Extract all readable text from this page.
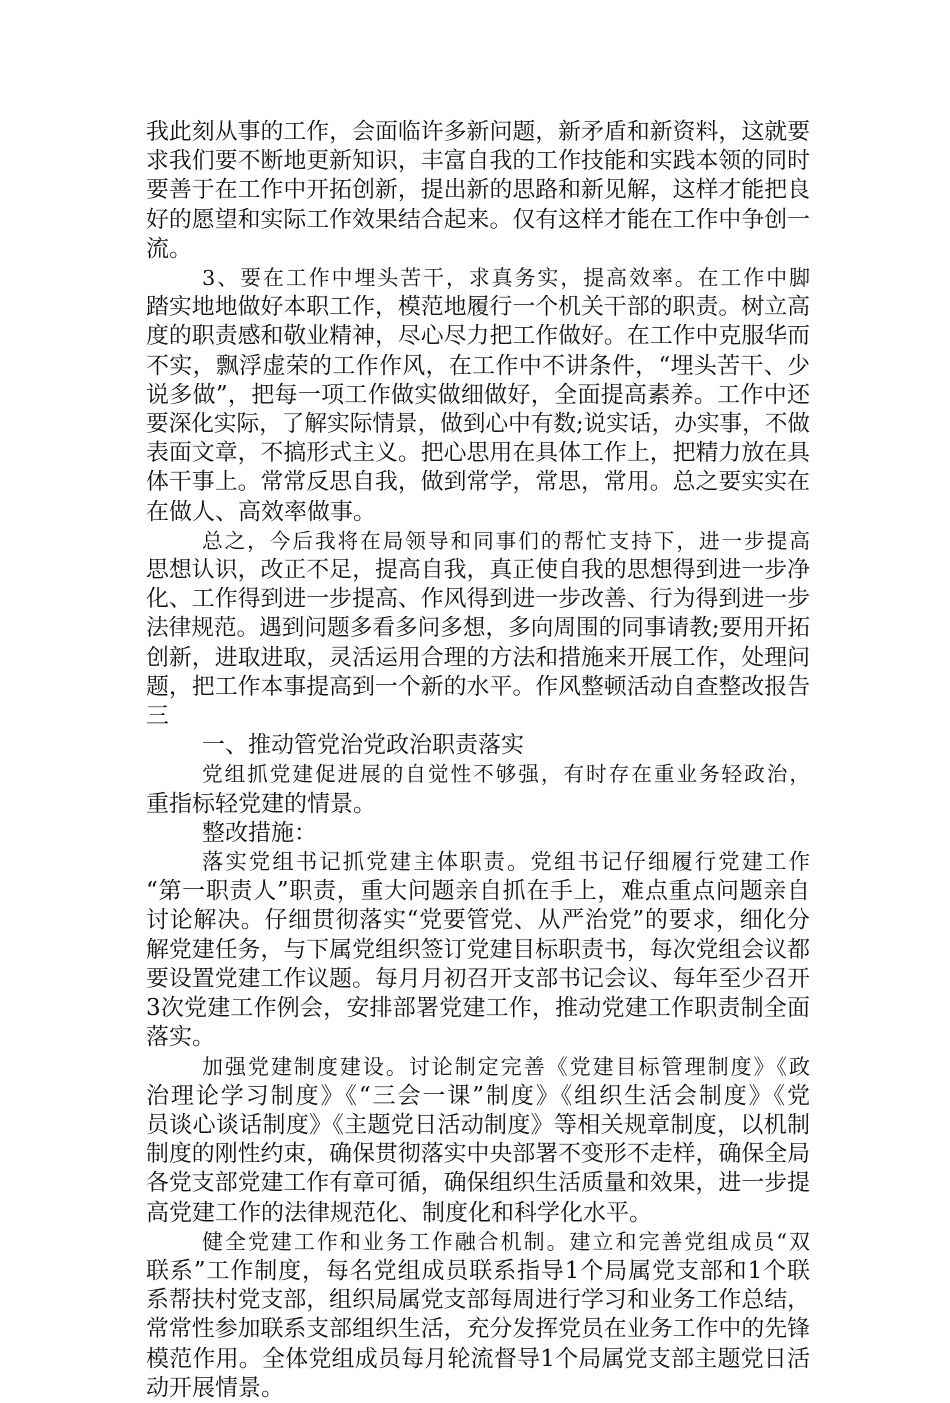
我此刻从事的工作，会面临许多新问题，新矛盾和新资料，这就要
求我们要不断地更新知识，丰富自我的工作技能和实践本领的同时
要善于在工作中开拓创新，提出新的思路和新见解，这样才能把良
好的愿望和实际工作效果结合起来。仅有这样才能在工作中争创一
流。
3、要在工作中埋头苦干，求真务实，提高效率。在工作中脚
踏实地地做好本职工作，模范地履行一个机关干部的职责。树立高
度的职责感和敬业精神，尽心尽力把工作做好。在工作中克服华而
不实，飘浮虚荣的工作作风，在工作中不讲条件，“埋头苦干、少
说多做”，把每一项工作做实做细做好，全面提高素养。工作中还
要深化实际，了解实际情景，做到心中有数;说实话，办实事，不做
表面文章，不搞形式主义。把心思用在具体工作上，把精力放在具
体干事上。常常反思自我，做到常学，常思，常用。总之要实实在
在做人、高效率做事。
总之，今后我将在局领导和同事们的帮忙支持下，进一步提高
思想认识，改正不足，提高自我，真正使自我的思想得到进一步净
化、工作得到进一步提高、作风得到进一步改善、行为得到进一步
法律规范。遇到问题多看多问多想，多向周围的同事请教;要用开拓
创新，进取进取，灵活运用合理的方法和措施来开展工作，处理问
题，把工作本事提高到一个新的水平。作风整顿活动自查整改报告
三
一、推动管党治党政治职责落实
党组抓党建促进展的自觉性不够强，有时存在重业务轻政治，
重指标轻党建的情景。
整改措施：
落实党组书记抓党建主体职责。党组书记仔细履行党建工作
“第一职责人”职责，重大问题亲自抓在手上，难点重点问题亲自
讨论解决。仔细贯彻落实“党要管党、从严治党”的要求，细化分
解党建任务，与下属党组织签订党建目标职责书，每次党组会议都
要设置党建工作议题。每月月初召开支部书记会议、每年至少召开
3次党建工作例会，安排部署党建工作，推动党建工作职责制全面
落实。
加强党建制度建设。讨论制定完善《党建目标管理制度》《政
治理论学习制度》《“三会一课”制度》《组织生活会制度》《党
员谈心谈话制度》《主题党日活动制度》等相关规章制度，以机制
制度的刚性约束，确保贯彻落实中央部署不变形不走样，确保全局
各党支部党建工作有章可循，确保组织生活质量和效果，进一步提
高党建工作的法律规范化、制度化和科学化水平。
健全党建工作和业务工作融合机制。建立和完善党组成员“双
联系”工作制度，每名党组成员联系指导1个局属党支部和1个联
系帮扶村党支部，组织局属党支部每周进行学习和业务工作总结，
常常性参加联系支部组织生活，充分发挥党员在业务工作中的先锋
模范作用。全体党组成员每月轮流督导1个局属党支部主题党日活
动开展情景。
